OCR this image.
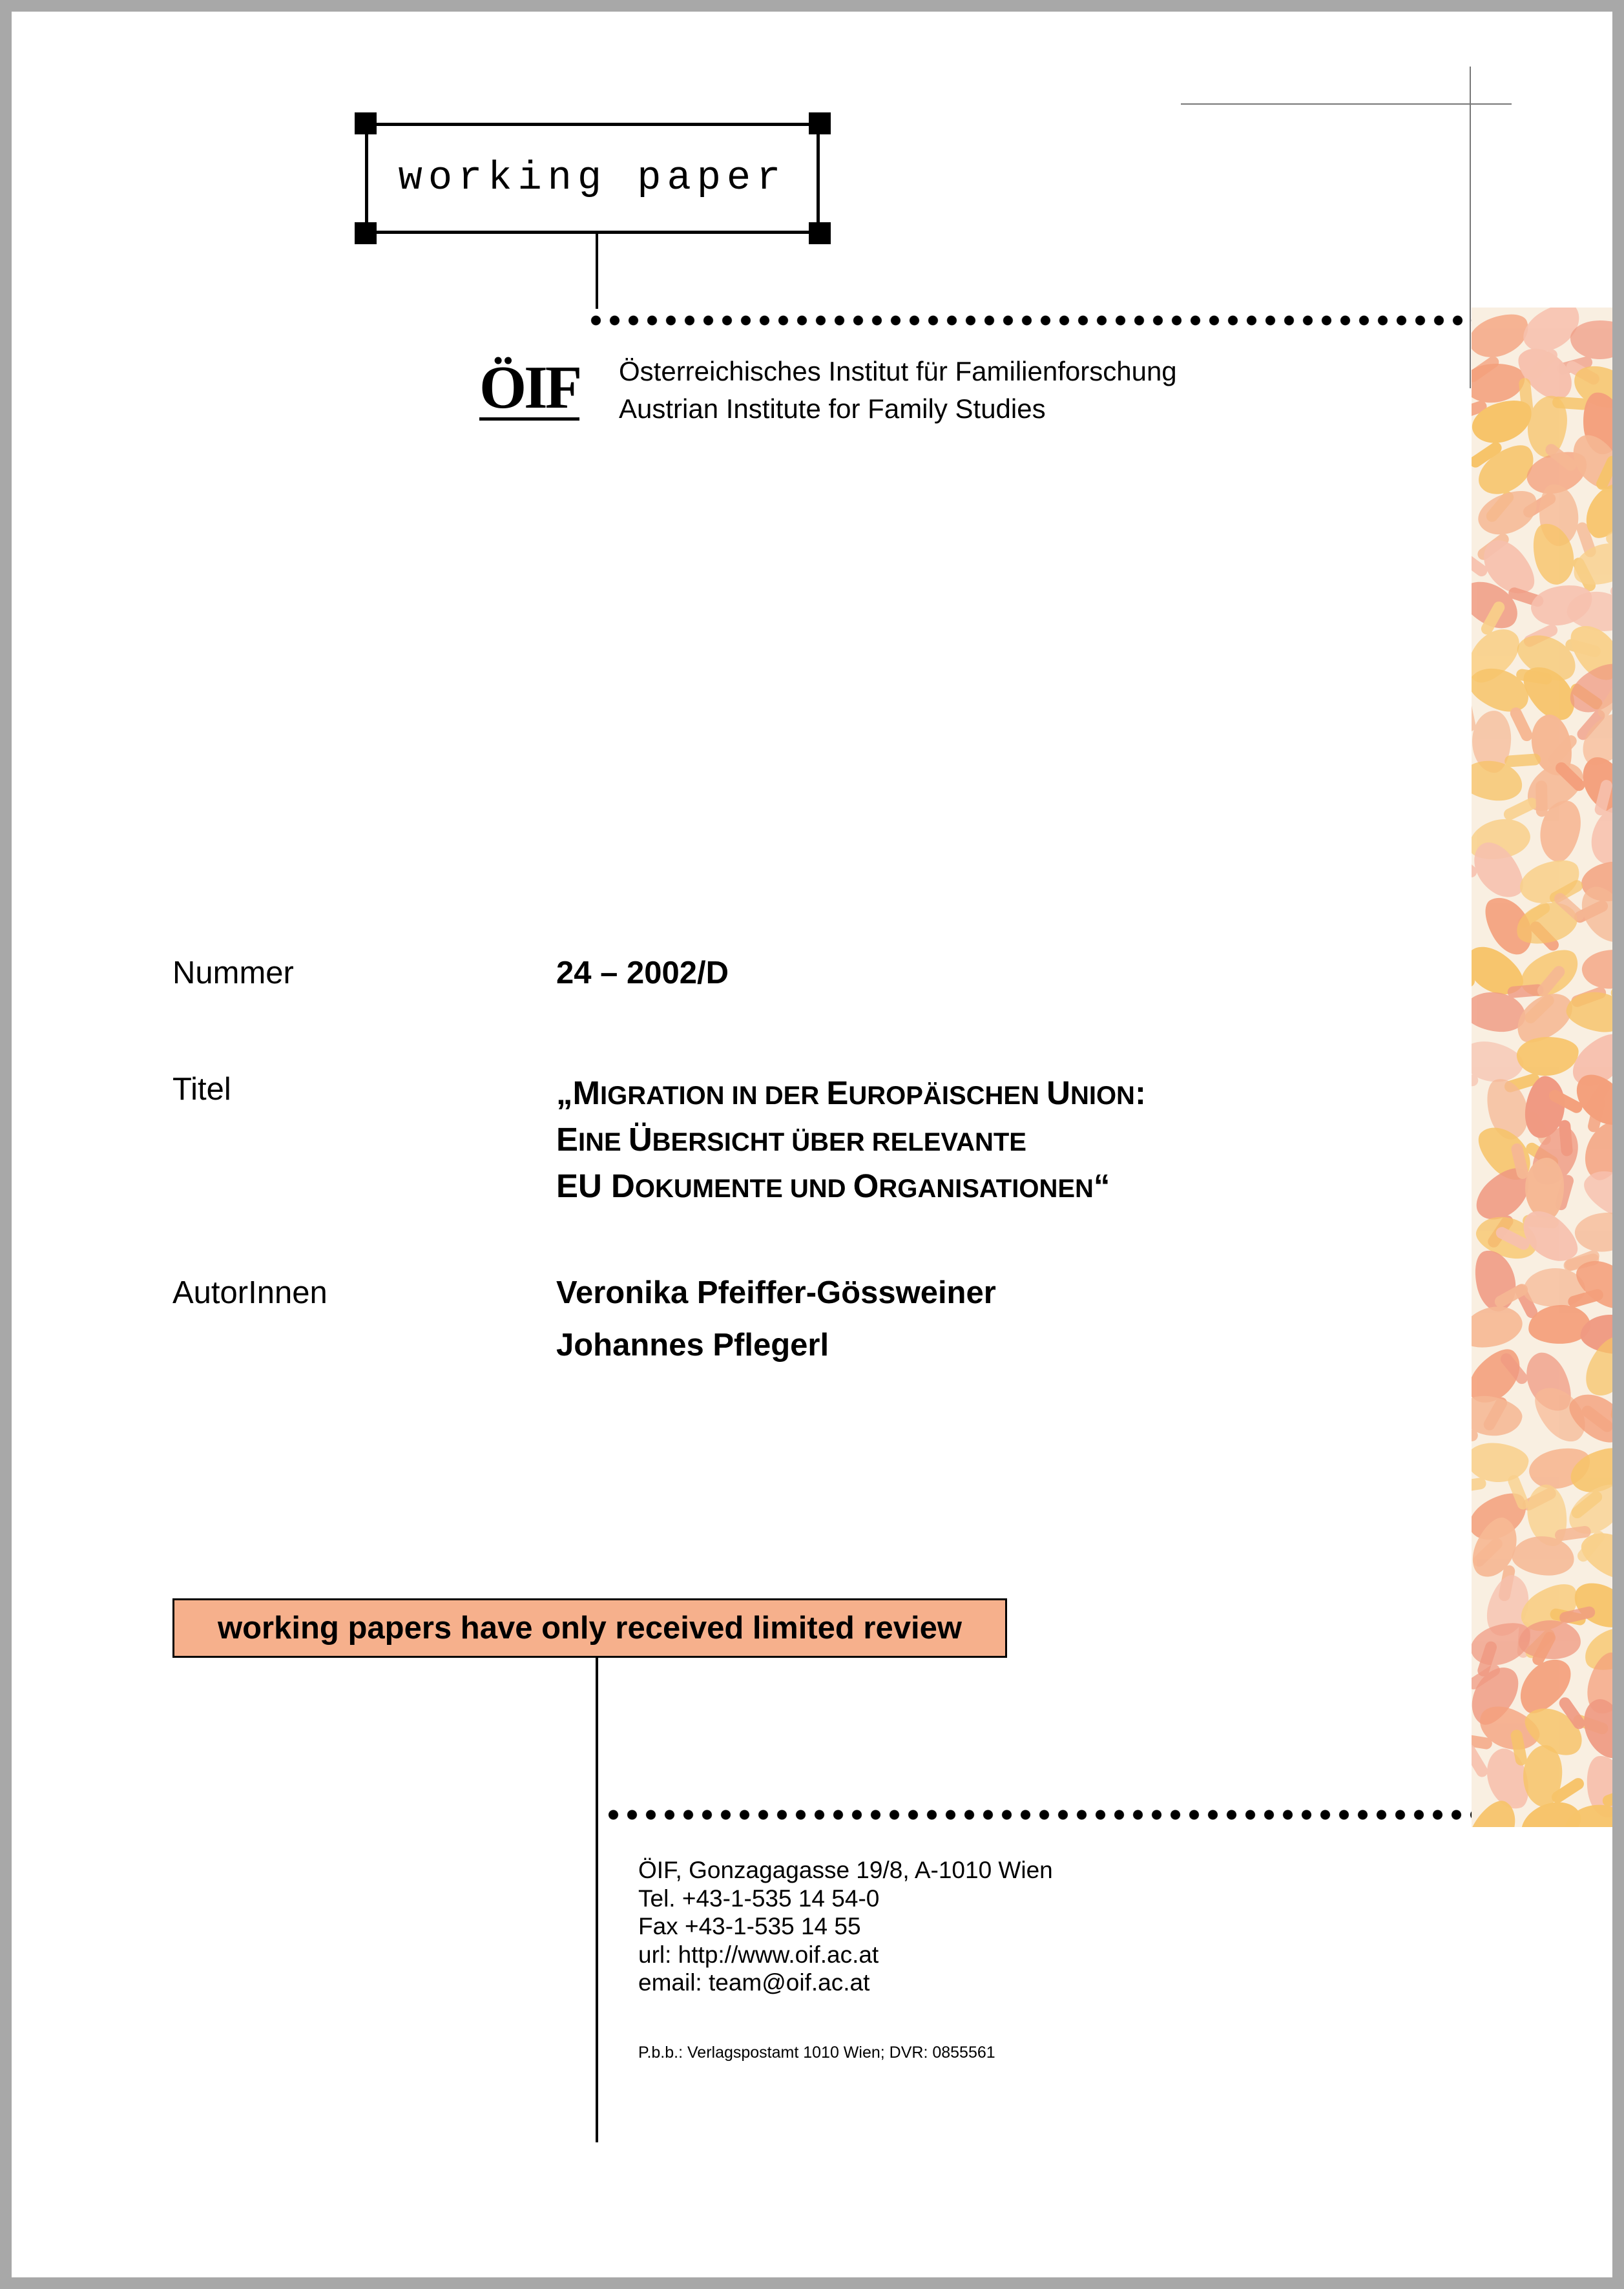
working paper
ÖIF Österreichisches Institut für Familienforschung
Austrian Institute for Family Studies
Nummer	24 – 2002/D
Titel	„MIGRATION IN DER EUROPÄISCHEN UNION:
EINE ÜBERSICHT ÜBER RELEVANTE
EU DOKUMENTE UND ORGANISATIONEN“
AutorInnen	Veronika Pfeiffer-Gössweiner
Johannes Pflegerl
working papers have only received limited review
ÖIF, Gonzagagasse 19/8, A-1010 Wien
Tel. +43-1-535 14 54-0
Fax +43-1-535 14 55
url: http://www.oif.ac.at
email: team@oif.ac.at
P.b.b.: Verlagspostamt 1010 Wien; DVR: 0855561
